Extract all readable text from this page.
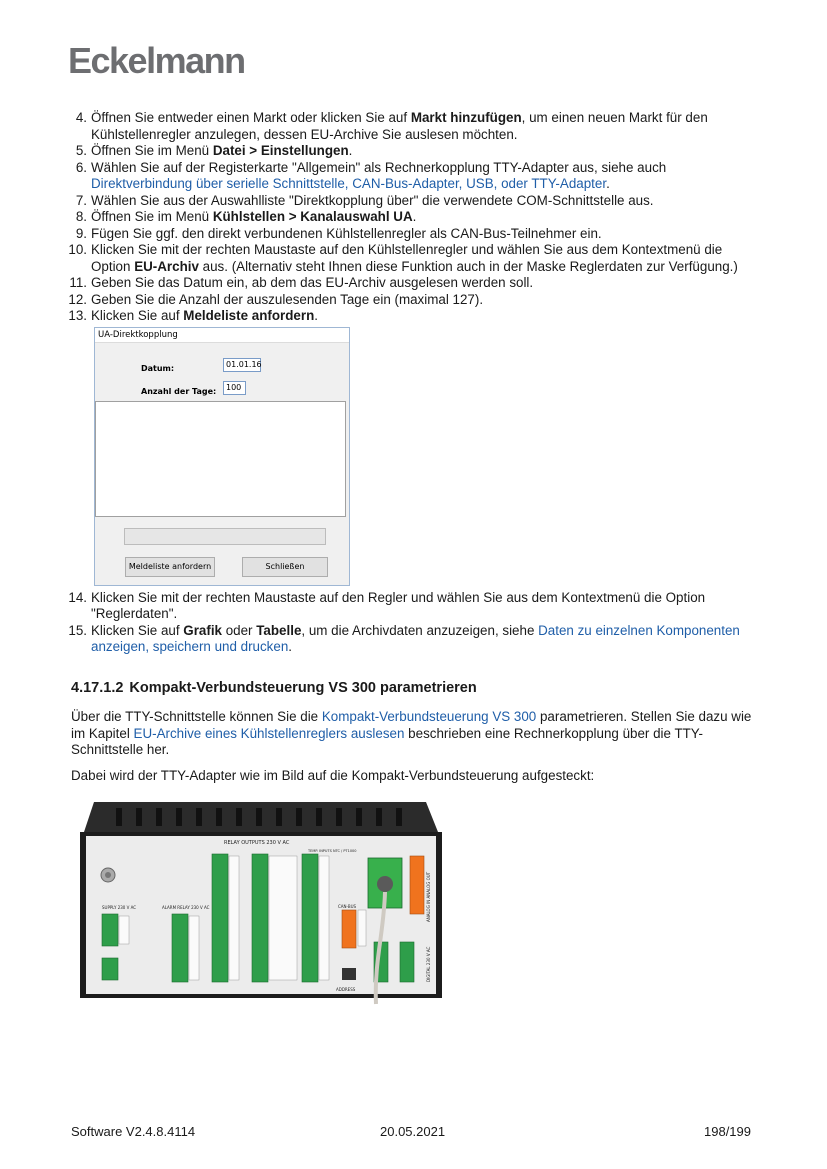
Eckelmann
4. Öffnen Sie entweder einen Markt oder klicken Sie auf Markt hinzufügen, um einen neuen Markt für den Kühlstellenregler anzulegen, dessen EU-Archive Sie auslesen möchten.
5. Öffnen Sie im Menü Datei > Einstellungen.
6. Wählen Sie auf der Registerkarte "Allgemein" als Rechnerkopplung TTY-Adapter aus, siehe auch Direktverbindung über serielle Schnittstelle, CAN-Bus-Adapter, USB, oder TTY-Adapter.
7. Wählen Sie aus der Auswahlliste "Direktkopplung über" die verwendete COM-Schnittstelle aus.
8. Öffnen Sie im Menü Kühlstellen > Kanalauswahl UA.
9. Fügen Sie ggf. den direkt verbundenen Kühlstellenregler als CAN-Bus-Teilnehmer ein.
10. Klicken Sie mit der rechten Maustaste auf den Kühlstellenregler und wählen Sie aus dem Kontextmenü die Option EU-Archiv aus. (Alternativ steht Ihnen diese Funktion auch in der Maske Reglerdaten zur Verfügung.)
11. Geben Sie das Datum ein, ab dem das EU-Archiv ausgelesen werden soll.
12. Geben Sie die Anzahl der auszulesenden Tage ein (maximal 127).
13. Klicken Sie auf Meldeliste anfordern.
UA-Direktkopplung
Datum:	01.01.16
Anzahl der Tage:	100
Meldeliste anfordern	Schließen
14. Klicken Sie mit der rechten Maustaste auf den Regler und wählen Sie aus dem Kontextmenü die Option "Reglerdaten".
15. Klicken Sie auf Grafik oder Tabelle, um die Archivdaten anzuzeigen, siehe Daten zu einzelnen Komponenten anzeigen, speichern und drucken.
4.17.1.2 Kompakt-Verbundsteuerung VS 300 parametrieren

Über die TTY-Schnittstelle können Sie die Kompakt-Verbundsteuerung VS 300 parametrieren. Stellen Sie dazu wie im Kapitel EU-Archive eines Kühlstellenreglers auslesen beschrieben eine Rechnerkopplung über die TTY-Schnittstelle her.

Dabei wird der TTY-Adapter wie im Bild auf die Kompakt-Verbundsteuerung aufgesteckt:

RELAY OUTPUTS 230 V AC
TEMP. INPUTS NTC / PT1000
SUPPLY 230 V AC	ALARM RELAY 230 V AC	CAN-BUS
ADDRESS
ANALOG IN ANALOG OUT
DIGITAL 230 V AC
Software V2.4.8.4114	20.05.2021	198/199
